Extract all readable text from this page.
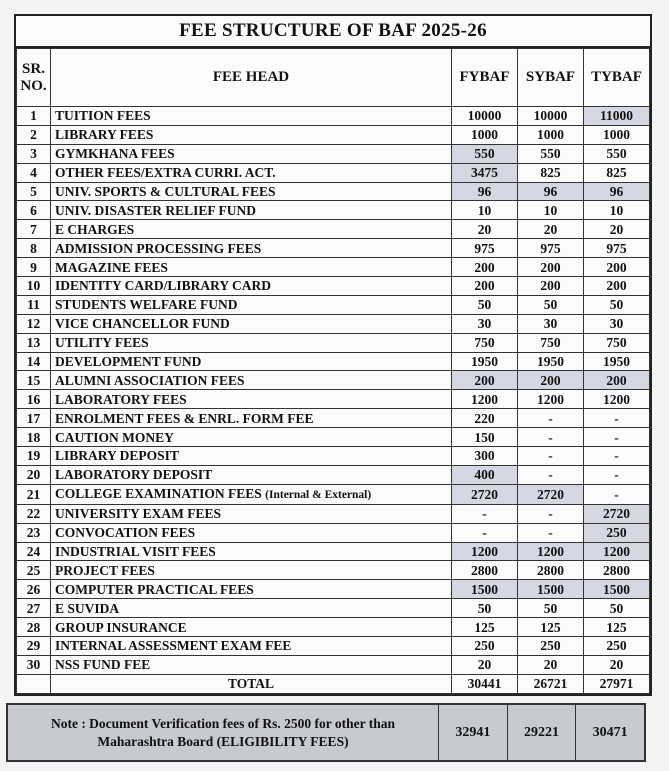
FEE STRUCTURE OF BAF 2025-26
SR.
NO.	FEE HEAD	FYBAF	SYBAF	TYBAF
1	TUITION FEES	10000	10000	11000
2	LIBRARY FEES	1000	1000	1000
3	GYMKHANA FEES	550	550	550
4	OTHER FEES/EXTRA CURRI. ACT.	3475	825	825
5	UNIV. SPORTS & CULTURAL FEES	96	96	96
6	UNIV. DISASTER RELIEF FUND	10	10	10
7	E CHARGES	20	20	20
8	ADMISSION PROCESSING FEES	975	975	975
9	MAGAZINE FEES	200	200	200
10	IDENTITY CARD/LIBRARY CARD	200	200	200
11	STUDENTS WELFARE FUND	50	50	50
12	VICE CHANCELLOR FUND	30	30	30
13	UTILITY FEES	750	750	750
14	DEVELOPMENT FUND	1950	1950	1950
15	ALUMNI ASSOCIATION FEES	200	200	200
16	LABORATORY FEES	1200	1200	1200
17	ENROLMENT FEES & ENRL. FORM FEE	220	-	-
18	CAUTION MONEY	150	-	-
19	LIBRARY DEPOSIT	300	-	-
20	LABORATORY DEPOSIT	400	-	-
21	COLLEGE EXAMINATION FEES (Internal & External)	2720	2720	-
22	UNIVERSITY EXAM FEES	-	-	2720
23	CONVOCATION FEES	-	-	250
24	INDUSTRIAL VISIT FEES	1200	1200	1200
25	PROJECT FEES	2800	2800	2800
26	COMPUTER PRACTICAL FEES	1500	1500	1500
27	E SUVIDA	50	50	50
28	GROUP INSURANCE	125	125	125
29	INTERNAL ASSESSMENT EXAM FEE	250	250	250
30	NSS FUND FEE	20	20	20
	TOTAL	30441	26721	27971
Note : Document Verification fees of Rs. 2500 for other than
Maharashtra Board (ELIGIBILITY FEES)
32941	29221	30471
